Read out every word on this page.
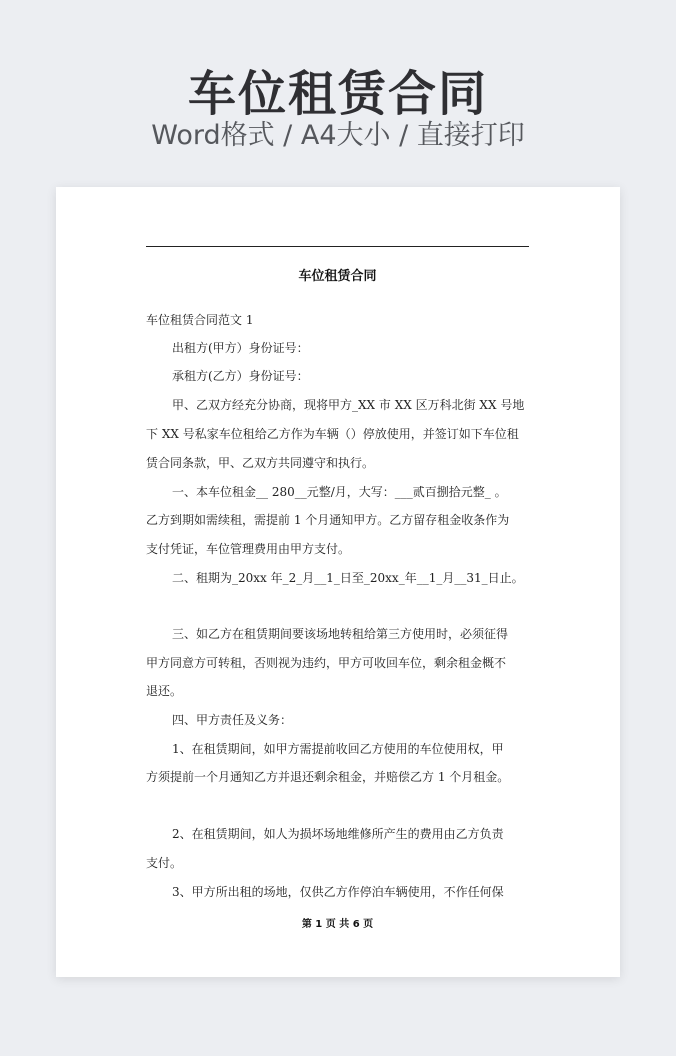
车位租赁合同
Word格式 / A4大小 / 直接打印
车位租赁合同
车位租赁合同范文 1
出租方(甲方）身份证号：
承租方(乙方）身份证号：
甲、乙双方经充分协商，现将甲方_XX 市 XX 区万科北街 XX 号地
下 XX 号私家车位租给乙方作为车辆（）停放使用，并签订如下车位租
赁合同条款，甲、乙双方共同遵守和执行。
一、本车位租金__ 280__元整/月，大写：___贰百捌拾元整_ 。
乙方到期如需续租，需提前 1 个月通知甲方。乙方留存租金收条作为
支付凭证，车位管理费用由甲方支付。
二、租期为_20xx 年_2_月__1_日至_20xx_年__1_月__31_日止。
三、如乙方在租赁期间要该场地转租给第三方使用时，必须征得
甲方同意方可转租，否则视为违约，甲方可收回车位，剩余租金概不
退还。
四、甲方责任及义务：
1、在租赁期间，如甲方需提前收回乙方使用的车位使用权，甲
方须提前一个月通知乙方并退还剩余租金，并赔偿乙方 1 个月租金。
2、在租赁期间，如人为损坏场地维修所产生的费用由乙方负责
支付。
3、甲方所出租的场地，仅供乙方作停泊车辆使用，不作任何保
第 1 页 共 6 页
